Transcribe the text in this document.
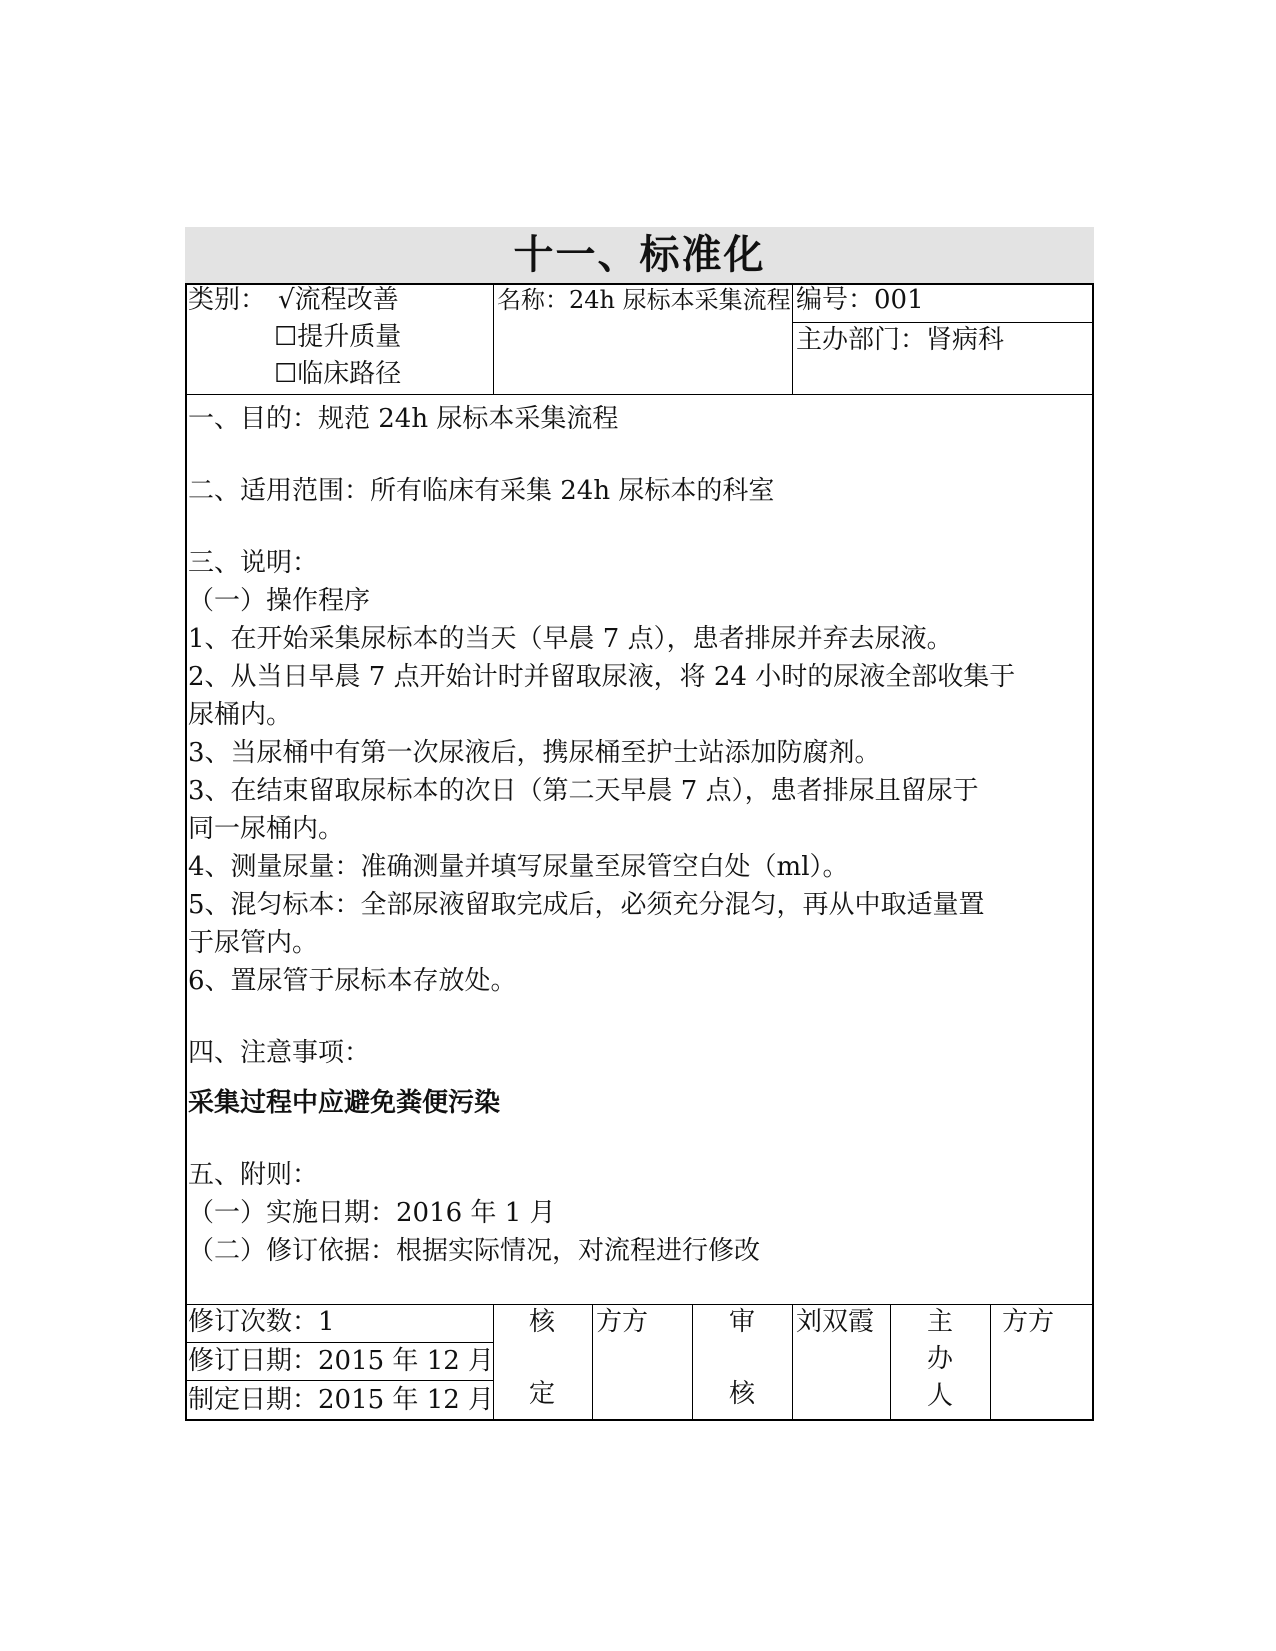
十一、标准化
类别： √流程改善
☐提升质量
☐临床路径
名称：24h 尿标本采集流程 编号：001
主办部门：肾病科
一、目的：规范 24h 尿标本采集流程
二、适用范围：所有临床有采集 24h 尿标本的科室
三、说明：
（一）操作程序
1、在开始采集尿标本的当天（早晨 7 点），患者排尿并弃去尿液。
2、从当日早晨 7 点开始计时并留取尿液，将 24 小时的尿液全部收集于
尿桶内。
3、当尿桶中有第一次尿液后，携尿桶至护士站添加防腐剂。
3、在结束留取尿标本的次日（第二天早晨 7 点），患者排尿且留尿于
同一尿桶内。
4、测量尿量：准确测量并填写尿量至尿管空白处（ml）。
5、混匀标本：全部尿液留取完成后，必须充分混匀，再从中取适量置
于尿管内。
6、置尿管于尿标本存放处。
四、注意事项：
采集过程中应避免粪便污染
五、附则：
（一）实施日期：2016 年 1 月
（二）修订依据：根据实际情况，对流程进行修改
修订次数：1
修订日期：2015 年 12 月
制定日期：2015 年 12 月
核
定
方方	审
核
刘双霞 主
办
人
方方
